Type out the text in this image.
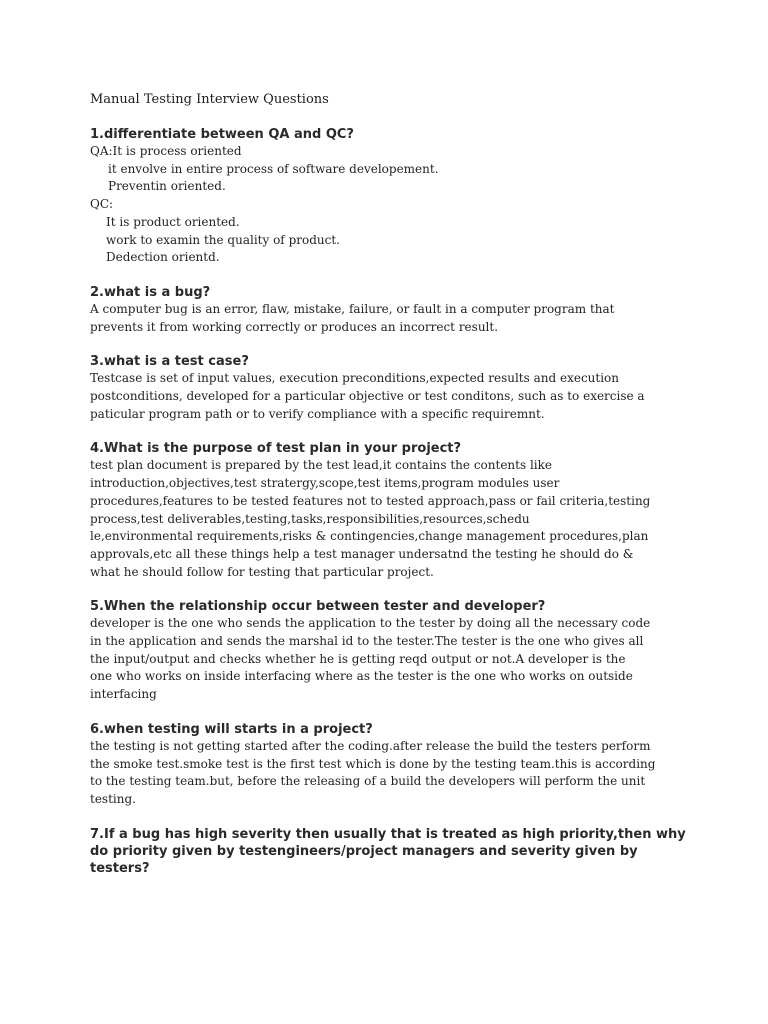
Manual Testing Interview Questions
1.differentiate between QA and QC?
QA:It is process oriented
it envolve in entire process of software developement.
Preventin oriented.
QC:
It is product oriented.
work to examin the quality of product.
Dedection orientd.
2.what is a bug?
A computer bug is an error, flaw, mistake, failure, or fault in a computer program that
prevents it from working correctly or produces an incorrect result.
3.what is a test case?
Testcase is set of input values, execution preconditions,expected results and execution
postconditions, developed for a particular objective or test conditons, such as to exercise a
paticular program path or to verify compliance with a specific requiremnt.
4.What is the purpose of test plan in your project?
test plan document is prepared by the test lead,it contains the contents like
introduction,objectives,test stratergy,scope,test items,program modules user
procedures,features to be tested features not to tested approach,pass or fail criteria,testing
process,test deliverables,testing,tasks,responsibilities,resources,schedu
le,environmental requirements,risks & contingencies,change management procedures,plan
approvals,etc all these things help a test manager undersatnd the testing he should do &
what he should follow for testing that particular project.
5.When the relationship occur between tester and developer?
developer is the one who sends the application to the tester by doing all the necessary code
in the application and sends the marshal id to the tester.The tester is the one who gives all
the input/output and checks whether he is getting reqd output or not.A developer is the
one who works on inside interfacing where as the tester is the one who works on outside
interfacing
6.when testing will starts in a project?
the testing is not getting started after the coding.after release the build the testers perform
the smoke test.smoke test is the first test which is done by the testing team.this is according
to the testing team.but, before the releasing of a build the developers will perform the unit
testing.
7.If a bug has high severity then usually that is treated as high priority,then why do priority given by testengineers/project managers and severity given by testers?
